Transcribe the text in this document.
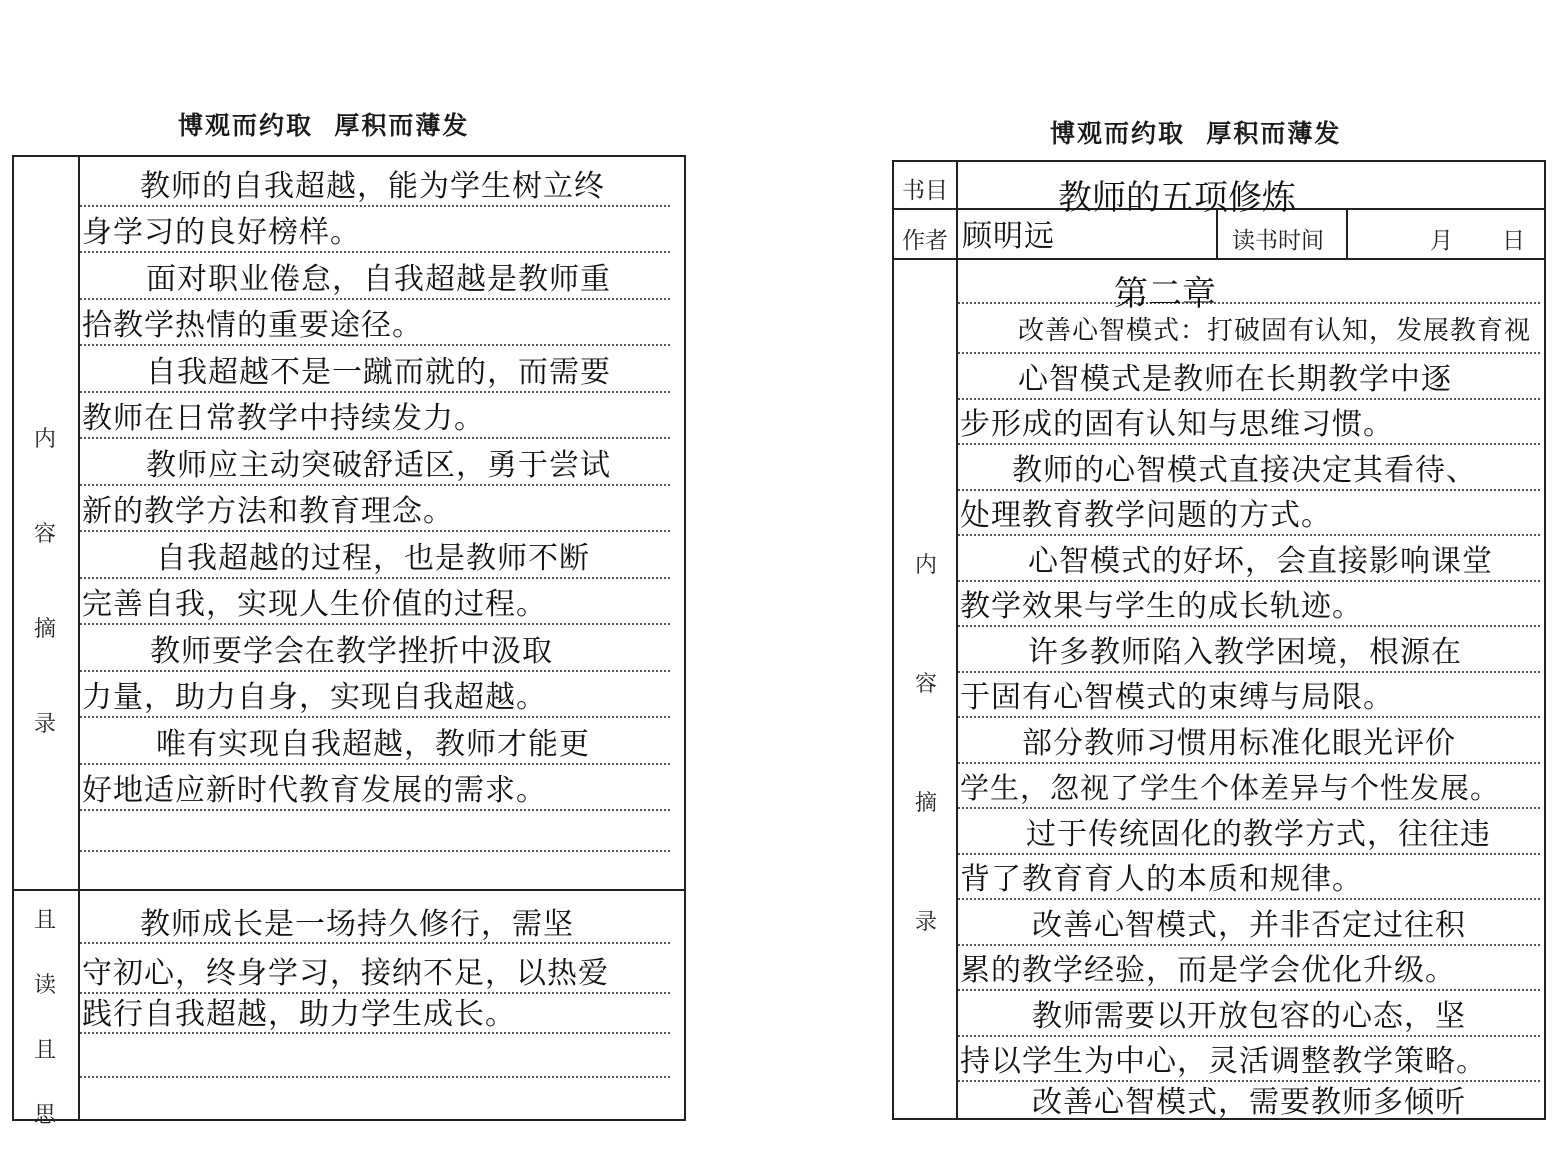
博观而约取  厚积而薄发
内
容
摘
录
且
读
且
思
教师的自我超越，能为学生树立终
身学习的良好榜样。
面对职业倦怠，自我超越是教师重
拾教学热情的重要途径。
自我超越不是一蹴而就的，而需要
教师在日常教学中持续发力。
教师应主动突破舒适区，勇于尝试
新的教学方法和教育理念。
自我超越的过程，也是教师不断
完善自我，实现人生价值的过程。
教师要学会在教学挫折中汲取
力量，助力自身，实现自我超越。
唯有实现自我超越，教师才能更
好地适应新时代教育发展的需求。
教师成长是一场持久修行，需坚
守初心，终身学习，接纳不足，以热爱
践行自我超越，助力学生成长。
博观而约取  厚积而薄发
书目
作者	读书时间	月 日
教师的五项修炼
顾明远
内
容
摘
录
第二章
改善心智模式：打破固有认知，发展教育视
心智模式是教师在长期教学中逐
步形成的固有认知与思维习惯。
教师的心智模式直接决定其看待、
处理教育教学问题的方式。
心智模式的好坏，会直接影响课堂
教学效果与学生的成长轨迹。
许多教师陷入教学困境，根源在
于固有心智模式的束缚与局限。
部分教师习惯用标准化眼光评价
学生，忽视了学生个体差异与个性发展。
过于传统固化的教学方式，往往违
背了教育育人的本质和规律。
改善心智模式，并非否定过往积
累的教学经验，而是学会优化升级。
教师需要以开放包容的心态，坚
持以学生为中心，灵活调整教学策略。
改善心智模式，需要教师多倾听
